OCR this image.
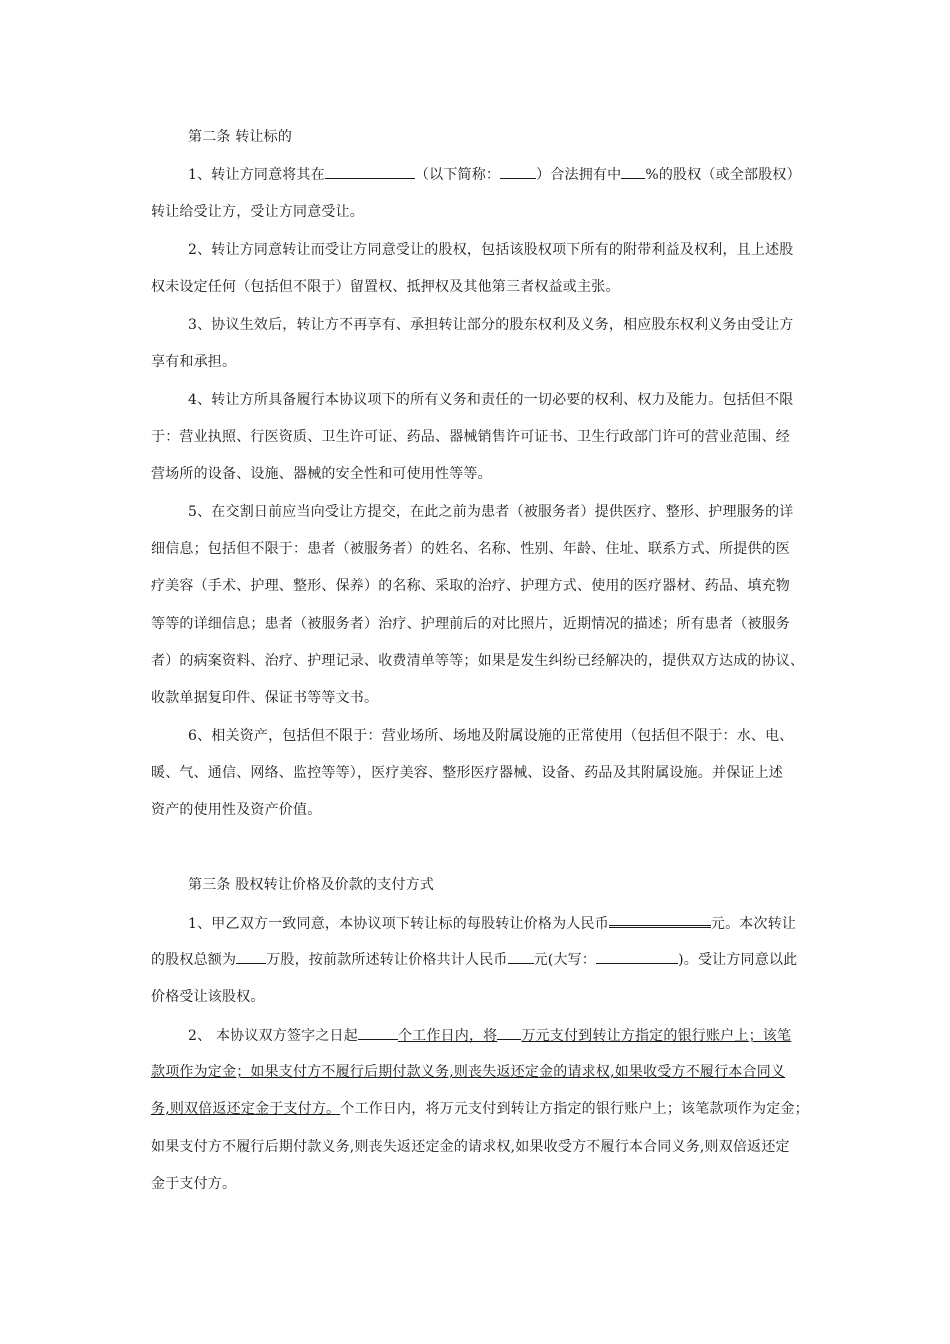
第二条 转让标的
1、转让方同意将其在	（以下简称：	）合法拥有中 %的股权（或全部股权）
转让给受让方，受让方同意受让。
2、转让方同意转让而受让方同意受让的股权，包括该股权项下所有的附带利益及权利，且上述股
权未设定任何（包括但不限于）留置权、抵押权及其他第三者权益或主张。
3、协议生效后，转让方不再享有、承担转让部分的股东权利及义务，相应股东权利义务由受让方
享有和承担。
4、转让方所具备履行本协议项下的所有义务和责任的一切必要的权利、权力及能力。包括但不限
于：营业执照、行医资质、卫生许可证、药品、器械销售许可证书、卫生行政部门许可的营业范围、经
营场所的设备、设施、器械的安全性和可使用性等等。
5、在交割日前应当向受让方提交，在此之前为患者（被服务者）提供医疗、整形、护理服务的详
细信息；包括但不限于：患者（被服务者）的姓名、名称、性别、年龄、住址、联系方式、所提供的医
疗美容（手术、护理、整形、保养）的名称、采取的治疗、护理方式、使用的医疗器材、药品、填充物
等等的详细信息；患者（被服务者）治疗、护理前后的对比照片，近期情况的描述；所有患者（被服务
者）的病案资料、治疗、护理记录、收费清单等等；如果是发生纠纷已经解决的，提供双方达成的协议、
收款单据复印件、保证书等等文书。
6、相关资产，包括但不限于：营业场所、场地及附属设施的正常使用（包括但不限于：水、电、
暖、气、通信、网络、监控等等），医疗美容、整形医疗器械、设备、药品及其附属设施。并保证上述
资产的使用性及资产价值。
第三条 股权转让价格及价款的支付方式
1、甲乙双方一致同意，本协议项下转让标的每股转让价格为人民币	元。本次转让
的股权总额为 万股，按前款所述转让价格共计人民币 元(大写：	)。受让方同意以此
价格受让该股权。
2、 本协议双方签字之日起	个工作日内，将 万元支付到转让方指定的银行账户上；该笔
款项作为定金；如果支付方不履行后期付款义务,则丧失返还定金的请求权,如果收受方不履行本合同义
务,则双倍返还定金于支付方。个工作日内，将万元支付到转让方指定的银行账户上；该笔款项作为定金；
如果支付方不履行后期付款义务,则丧失返还定金的请求权,如果收受方不履行本合同义务,则双倍返还定
金于支付方。
